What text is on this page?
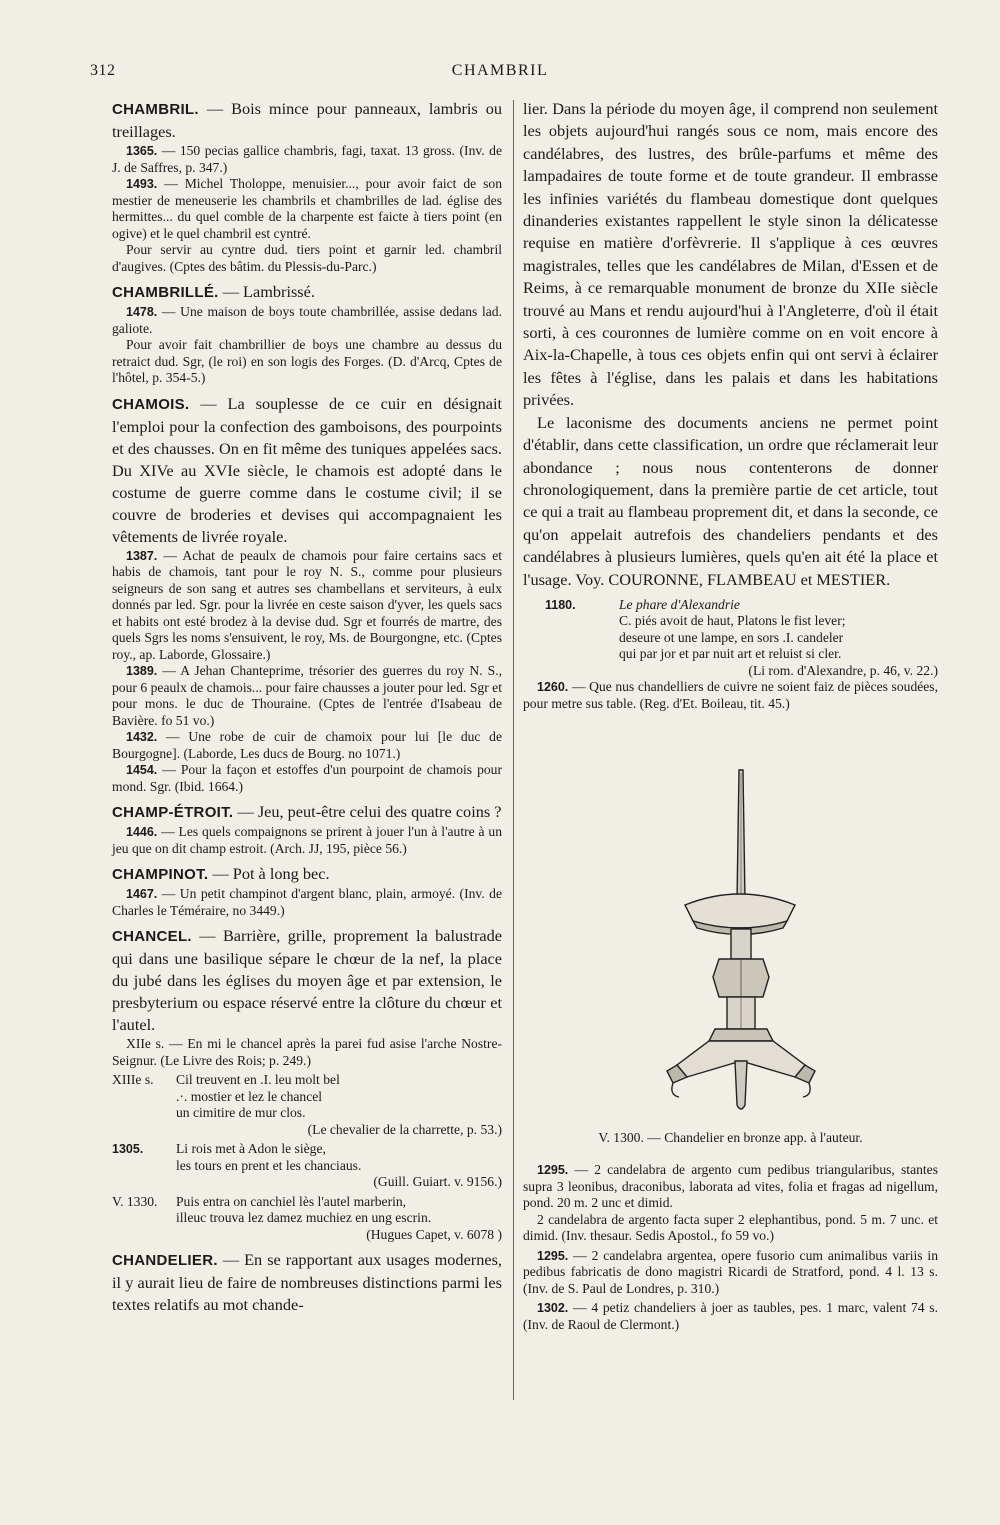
312	CHAMBRIL

CHAMBRIL. — Bois mince pour panneaux, lambris ou treillages.

1365. — 150 pecias gallice chambris, fagi, taxat. 13 gross. (Inv. de J. de Saffres, p. 347.)

1493. — Michel Tholoppe, menuisier..., pour avoir faict de son mestier de meneuserie les chambrils et chambrilles de lad. église des hermittes... du quel comble de la charpente est faicte à tiers point (en ogive) et le quel chambril est cyntré.

Pour servir au cyntre dud. tiers point et garnir led. chambril d'augives. (Cptes des bâtim. du Plessis-du-Parc.)

CHAMBRILLÉ. — Lambrissé.

1478. — Une maison de boys toute chambrillée, assise dedans lad. galiote.

Pour avoir fait chambrillier de boys une chambre au dessus du retraict dud. Sgr, (le roi) en son logis des Forges. (D. d'Arcq, Cptes de l'hôtel, p. 354-5.)

CHAMOIS. — La souplesse de ce cuir en désignait l'emploi pour la confection des gamboisons, des pourpoints et des chausses. On en fit même des tuniques appelées sacs. Du XIVe au XVIe siècle, le chamois est adopté dans le costume de guerre comme dans le costume civil; il se couvre de broderies et devises qui accompagnaient les vêtements de livrée royale.

1387. — Achat de peaulx de chamois pour faire certains sacs et habis de chamois, tant pour le roy N. S., comme pour plusieurs seigneurs de son sang et autres ses chambellans et serviteurs, à eulx donnés par led. Sgr. pour la livrée en ceste saison d'yver, les quels sacs et habits ont esté brodez à la devise dud. Sgr et fourrés de martre, des quels Sgrs les noms s'ensuivent, le roy, Ms. de Bourgongne, etc. (Cptes roy., ap. Laborde, Glossaire.)

1389. — A Jehan Chanteprime, trésorier des guerres du roy N. S., pour 6 peaulx de chamois... pour faire chausses a jouter pour led. Sgr et pour mons. le duc de Thouraine. (Cptes de l'entrée d'Isabeau de Bavière. fo 51 vo.)

1432. — Une robe de cuir de chamoix pour lui [le duc de Bourgogne]. (Laborde, Les ducs de Bourg. no 1071.)

1454. — Pour la façon et estoffes d'un pourpoint de chamois pour mond. Sgr. (Ibid. 1664.)

CHAMP-ÉTROIT. — Jeu, peut-être celui des quatre coins ?

1446. — Les quels compaignons se prirent à jouer l'un à l'autre à un jeu que on dit champ estroit. (Arch. JJ, 195, pièce 56.)

CHAMPINOT. — Pot à long bec.

1467. — Un petit champinot d'argent blanc, plain, armoyé. (Inv. de Charles le Téméraire, no 3449.)

CHANCEL. — Barrière, grille, proprement la balustrade qui dans une basilique sépare le chœur de la nef, la place du jubé dans les églises du moyen âge et par extension, le presbyterium ou espace réservé entre la clôture du chœur et l'autel.

XIIe s. — En mi le chancel après la parei fud asise l'arche Nostre-Seignur. (Le Livre des Rois; p. 249.)

XIIIe s.	Cil treuvent en .I. leu molt bel
.·. mostier et lez le chancel
un cimitire de mur clos.
(Le chevalier de la charrette, p. 53.)
1305.	Li rois met à Adon le siège,
les tours en prent et les chanciaus.
(Guill. Guiart. v. 9156.)
V. 1330.	Puis entra on canchiel lès l'autel marberin,
illeuc trouva lez damez muchiez en ung escrin.
(Hugues Capet, v. 6078 )

CHANDELIER. — En se rapportant aux usages modernes, il y aurait lieu de faire de nombreuses distinctions parmi les textes relatifs au mot chande-

lier. Dans la période du moyen âge, il comprend non seulement les objets aujourd'hui rangés sous ce nom, mais encore des candélabres, des lustres, des brûle-parfums et même des lampadaires de toute forme et de toute grandeur. Il embrasse les infinies variétés du flambeau domestique dont quelques dinanderies existantes rappellent le style sinon la délicatesse requise en matière d'orfèvrerie. Il s'applique à ces œuvres magistrales, telles que les candélabres de Milan, d'Essen et de Reims, à ce remarquable monument de bronze du XIIe siècle trouvé au Mans et rendu aujourd'hui à l'Angleterre, d'où il était sorti, à ces couronnes de lumière comme on en voit encore à Aix-la-Chapelle, à tous ces objets enfin qui ont servi à éclairer les fêtes à l'église, dans les palais et dans les habitations privées.

Le laconisme des documents anciens ne permet point d'établir, dans cette classification, un ordre que réclamerait leur abondance ; nous nous contenterons de donner chronologiquement, dans la première partie de cet article, tout ce qui a trait au flambeau proprement dit, et dans la seconde, ce qu'on appelait autrefois des chandeliers pendants et des candélabres à plusieurs lumières, quels qu'en ait été la place et l'usage. Voy. COURONNE, FLAMBEAU et MESTIER.

1180.	Le phare d'Alexandrie
C. piés avoit de haut, Platons le fist lever;
deseure ot une lampe, en sors .I. candeler
qui par jor et par nuit art et reluist si cler.
(Li rom. d'Alexandre, p. 46, v. 22.)

1260. — Que nus chandelliers de cuivre ne soient faiz de pièces soudées, pour metre sus table. (Reg. d'Et. Boileau, tit. 45.)

V. 1300. — Chandelier en bronze app. à l'auteur.

1295. — 2 candelabra de argento cum pedibus triangularibus, stantes supra 3 leonibus, draconibus, laborata ad vites, folia et fragas ad nigellum, pond. 20 m. 2 unc et dimid.

2 candelabra de argento facta super 2 elephantibus, pond. 5 m. 7 unc. et dimid. (Inv. thesaur. Sedis Apostol., fo 59 vo.)

1295. — 2 candelabra argentea, opere fusorio cum animalibus variis in pedibus fabricatis de dono magistri Ricardi de Stratford, pond. 4 l. 13 s. (Inv. de S. Paul de Londres, p. 310.)

1302. — 4 petiz chandeliers à joer as taubles, pes. 1 marc, valent 74 s. (Inv. de Raoul de Clermont.)
